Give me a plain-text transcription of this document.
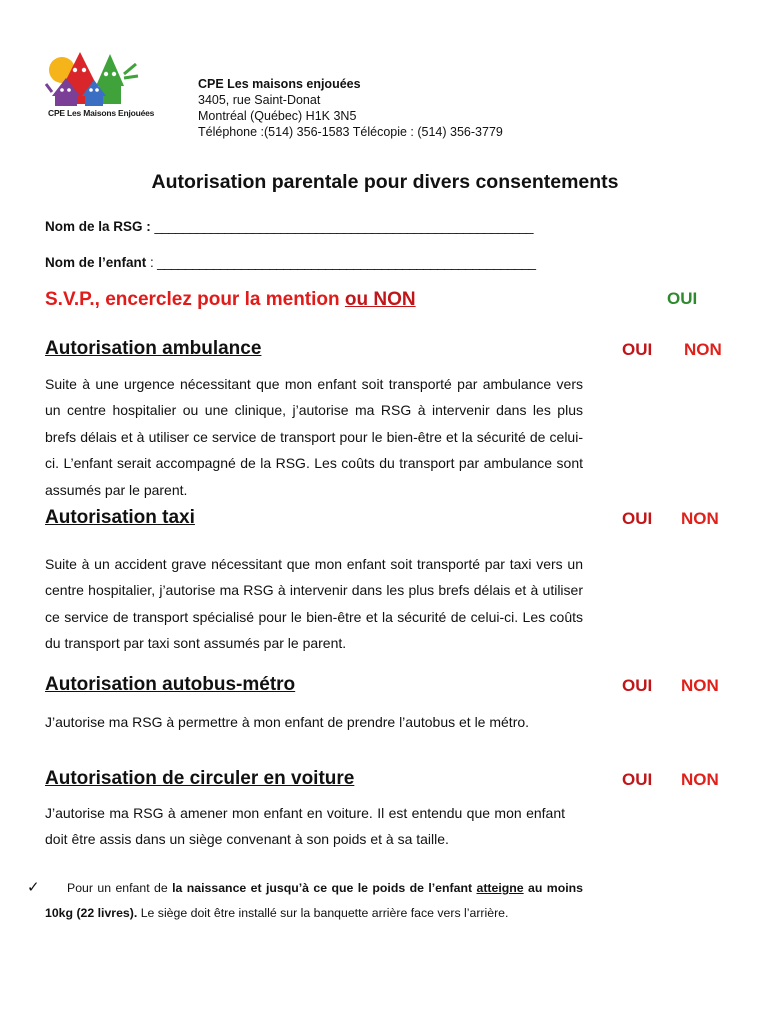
CPE Les Maisons Enjouées
CPE Les maisons enjouées
3405, rue Saint-Donat
Montréal (Québec) H1K 3N5
Téléphone :(514) 356-1583 Télécopie : (514) 356-3779
Autorisation parentale pour divers consentements
Nom de la RSG : ______________________________________________________
Nom de l’enfant : ______________________________________________________
S.V.P., encerclez pour la mention	OUI
ou NON
Autorisation ambulance	OUI NON
Suite à une urgence nécessitant que mon enfant soit transporté par ambulance vers un centre hospitalier ou une clinique, j’autorise ma RSG à intervenir dans les plus brefs délais et à utiliser ce service de transport pour le bien-être et la sécurité de celui-ci. L’enfant serait accompagné de la RSG. Les coûts du transport par ambulance sont assumés par le parent.
Autorisation taxi	OUI NON
Suite à un accident grave nécessitant que mon enfant soit transporté par taxi vers un centre hospitalier, j’autorise ma RSG à intervenir dans les plus brefs délais et à utiliser ce service de transport spécialisé pour le bien-être et la sécurité de celui-ci. Les coûts du transport par taxi sont assumés par le parent.
Autorisation autobus-métro	OUI NON
J’autorise ma RSG à permettre à mon enfant de prendre l’autobus et le métro.
Autorisation de circuler en voiture	OUI NON
J’autorise ma RSG à amener mon enfant en voiture. Il est entendu que mon enfant doit être assis dans un siège convenant à son poids et à sa taille.
✓	Pour un enfant de la naissance et jusqu’à ce que le poids de l’enfant atteigne au moins 10kg (22 livres). Le siège doit être installé sur la banquette arrière face vers l’arrière.
